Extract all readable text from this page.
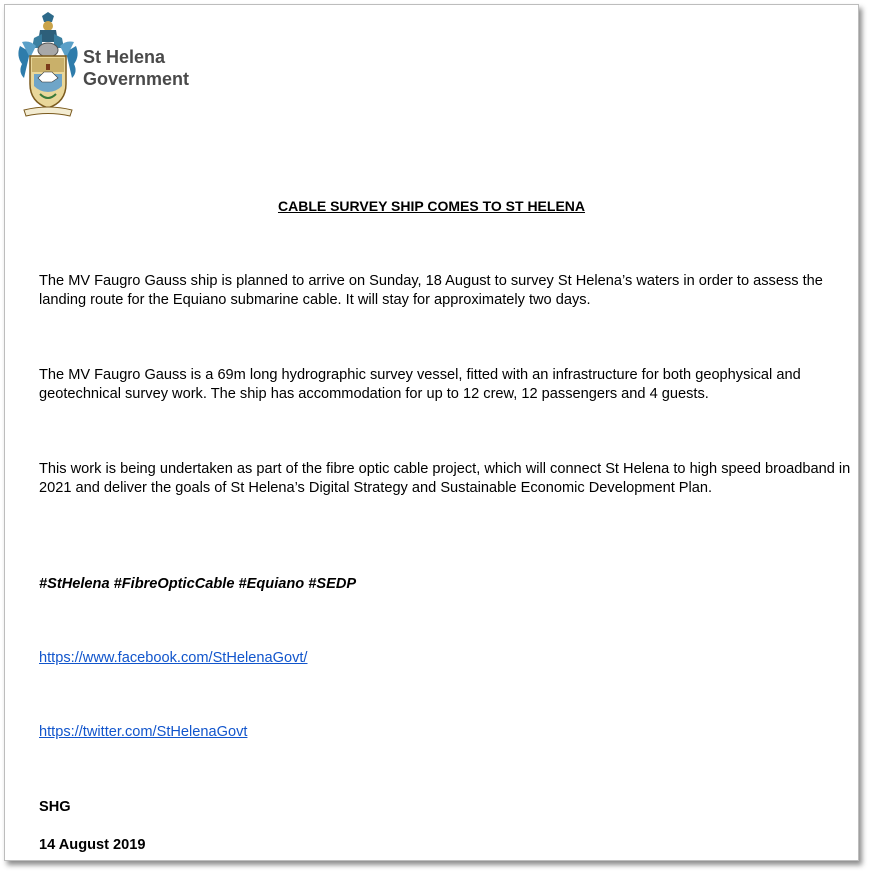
St Helena
Government
CABLE SURVEY SHIP COMES TO ST HELENA
The MV Faugro Gauss ship is planned to arrive on Sunday, 18 August to survey St Helena’s waters in order to assess the landing route for the Equiano submarine cable. It will stay for approximately two days.
The MV Faugro Gauss is a 69m long hydrographic survey vessel, fitted with an infrastructure for both geophysical and geotechnical survey work. The ship has accommodation for up to 12 crew, 12 passengers and 4 guests.
This work is being undertaken as part of the fibre optic cable project, which will connect St Helena to high speed broadband in 2021 and deliver the goals of St Helena’s Digital Strategy and Sustainable Economic Development Plan.
#StHelena #FibreOpticCable #Equiano #SEDP
https://www.facebook.com/StHelenaGovt/
https://twitter.com/StHelenaGovt
SHG
14 August 2019
